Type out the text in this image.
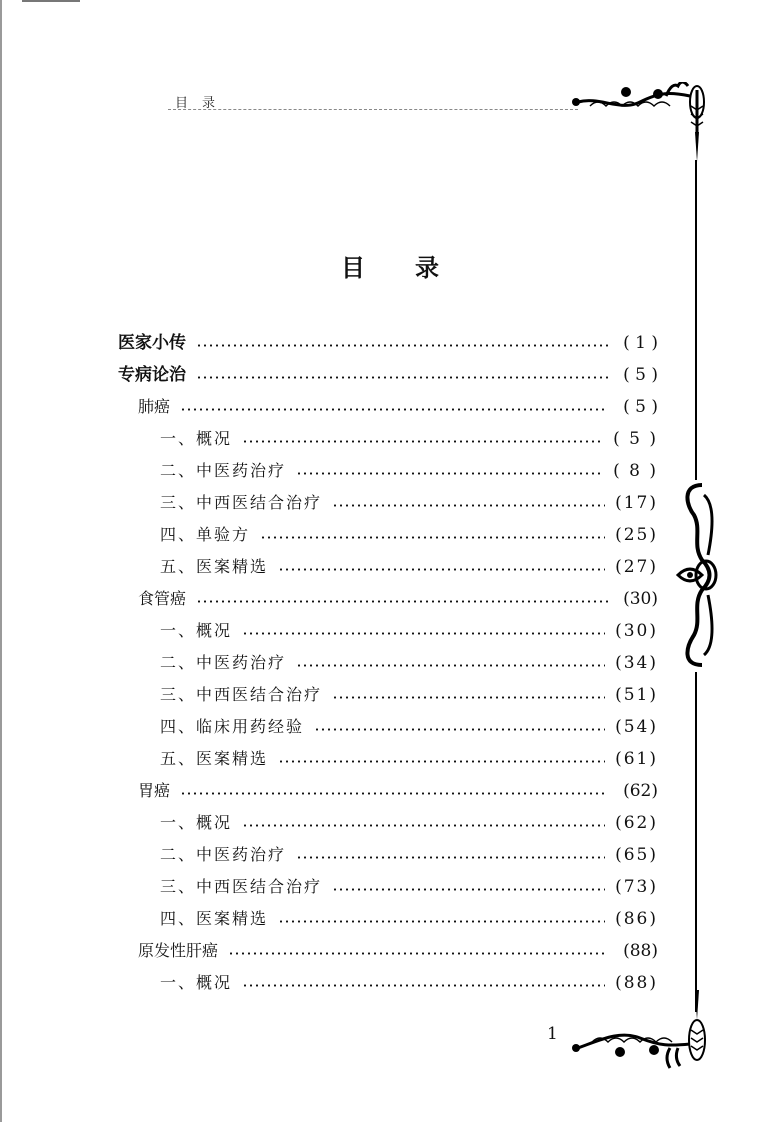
目录
目录
医家小传	( 1 )
专病论治	( 5 )
肺癌	( 5 )
一、概况	( 5 )
二、中医药治疗	( 8 )
三、中西医结合治疗	(17)
四、单验方	(25)
五、医案精选	(27)
食管癌	(30)
一、概况	(30)
二、中医药治疗	(34)
三、中西医结合治疗	(51)
四、临床用药经验	(54)
五、医案精选	(61)
胃癌	(62)
一、概况	(62)
二、中医药治疗	(65)
三、中西医结合治疗	(73)
四、医案精选	(86)
原发性肝癌	(88)
一、概况	(88)
1
